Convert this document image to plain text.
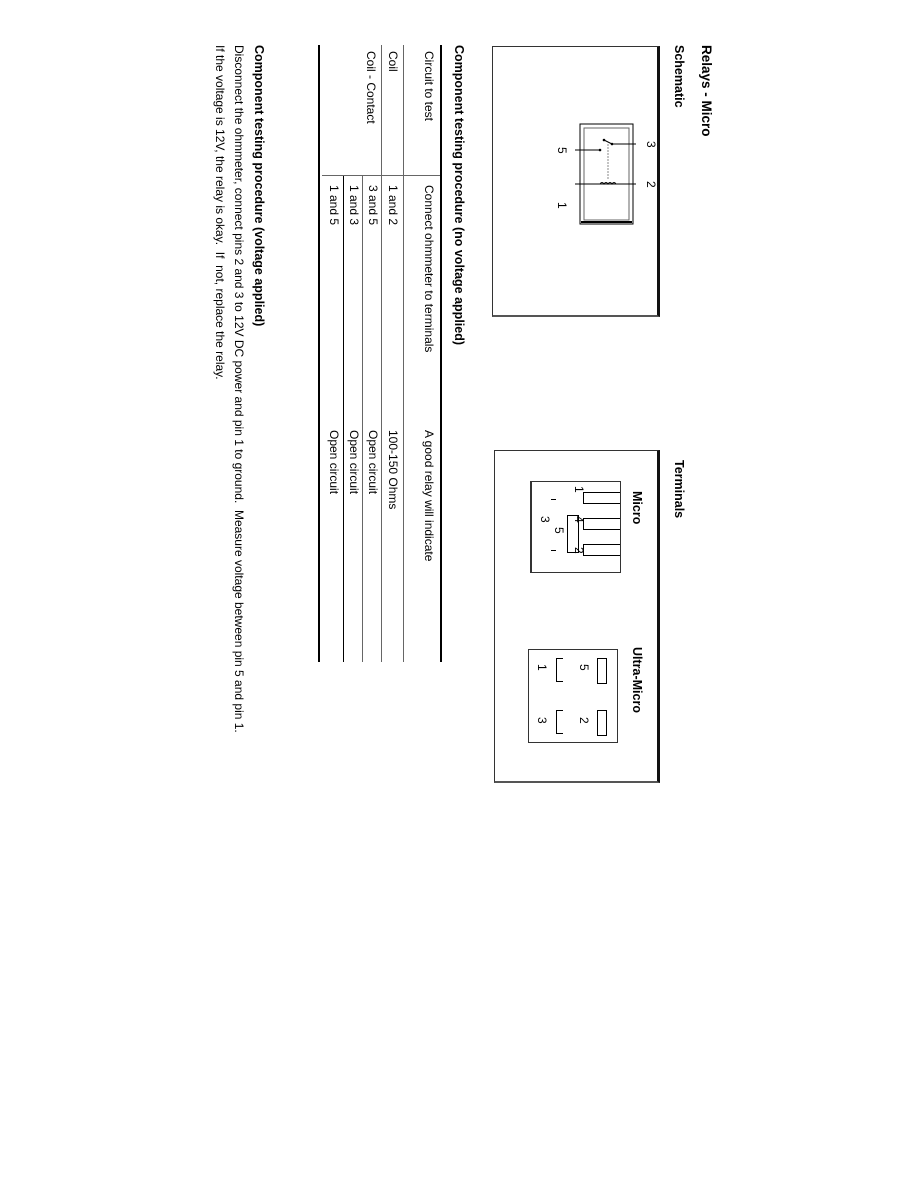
Relays - Micro
Schematic
3
2
5
1
Terminals
Micro
1
4
2
5
3
Ultra-Micro
5
2
1
3
Component testing procedure (no voltage applied)
Circuit to test
Connect ohmmeter to terminals
A good relay will indicate
Coil
1 and 2
100-150 Ohms
Coil - Contact
3 and 5
Open circuit
1 and 3
Open circuit
1 and 5
Open circuit
Component testing procedure (voltage applied)
Disconnect the ohmmeter, connect pins 2 and 3 to 12V DC power and pin 1 to ground.  Measure voltage between pin 5 and pin 1.
If the voltage is 12V, the relay is okay.  If  not, replace the relay.
